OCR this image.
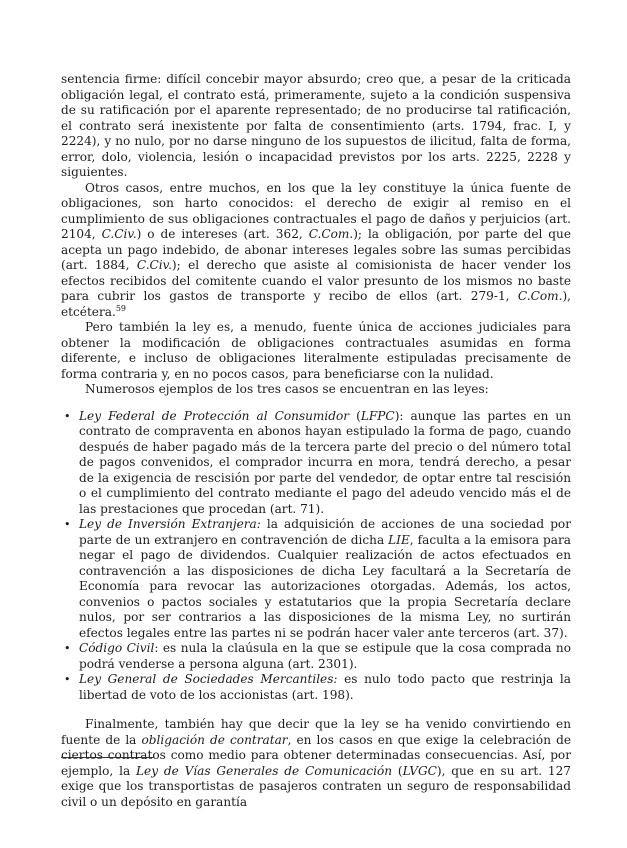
sentencia firme: difícil concebir mayor absurdo; creo que, a pesar de la criticada obligación legal, el contrato está, primeramente, sujeto a la condición suspensiva de su ratificación por el aparente representado; de no producirse tal ratificación, el contrato será inexistente por falta de consentimiento (arts. 1794, frac. I, y 2224), y no nulo, por no darse ninguno de los supuestos de ilicitud, falta de forma, error, dolo, violencia, lesión o incapacidad previstos por los arts. 2225, 2228 y siguientes.

Otros casos, entre muchos, en los que la ley constituye la única fuente de obligaciones, son harto conocidos: el derecho de exigir al remiso en el cumplimiento de sus obligaciones contractuales el pago de daños y perjuicios (art. 2104, C.Civ.) o de intereses (art. 362, C.Com.); la obligación, por parte del que acepta un pago indebido, de abonar intereses legales sobre las sumas percibidas (art. 1884, C.Civ.); el derecho que asiste al comisionista de hacer vender los efectos recibidos del comitente cuando el valor presunto de los mismos no baste para cubrir los gastos de transporte y recibo de ellos (art. 279-1, C.Com.), etcétera.$^{59}$

Pero también la ley es, a menudo, fuente única de acciones judiciales para obtener la modificación de obligaciones contractuales asumidas en forma diferente, e incluso de obligaciones literalmente estipuladas precisamente de forma contraria y, en no pocos casos, para beneficiarse con la nulidad.

Numerosos ejemplos de los tres casos se encuentran en las leyes:

• Ley Federal de Protección al Consumidor (LFPC): aunque las partes en un contrato de compraventa en abonos hayan estipulado la forma de pago, cuando después de haber pagado más de la tercera parte del precio o del número total de pagos convenidos, el comprador incurra en mora, tendrá derecho, a pesar de la exigencia de rescisión por parte del vendedor, de optar entre tal rescisión o el cumplimiento del contrato mediante el pago del adeudo vencido más el de las prestaciones que procedan (art. 71).
• Ley de Inversión Extranjera: la adquisición de acciones de una sociedad por parte de un extranjero en contravención de dicha LIE, faculta a la emisora para negar el pago de dividendos. Cualquier realización de actos efectuados en contravención a las disposiciones de dicha Ley facultará a la Secretaría de Economía para revocar las autorizaciones otorgadas. Además, los actos, convenios o pactos sociales y estatutarios que la propia Secretaría declare nulos, por ser contrarios a las disposiciones de la misma Ley, no surtirán efectos legales entre las partes ni se podrán hacer valer ante terceros (art. 37).
• Código Civil: es nula la claúsula en la que se estipule que la cosa comprada no podrá venderse a persona alguna (art. 2301).
• Ley General de Sociedades Mercantiles: es nulo todo pacto que restrinja la libertad de voto de los accionistas (art. 198).

Finalmente, también hay que decir que la ley se ha venido convirtiendo en fuente de la obligación de contratar, en los casos en que exige la celebración de ciertos contratos como medio para obtener determinadas consecuencias. Así, por ejemplo, la Ley de Vías Generales de Comunicación (LVGC), que en su art. 127 exige que los transportistas de pasajeros contraten un seguro de responsabilidad civil o un depósito en garantía
